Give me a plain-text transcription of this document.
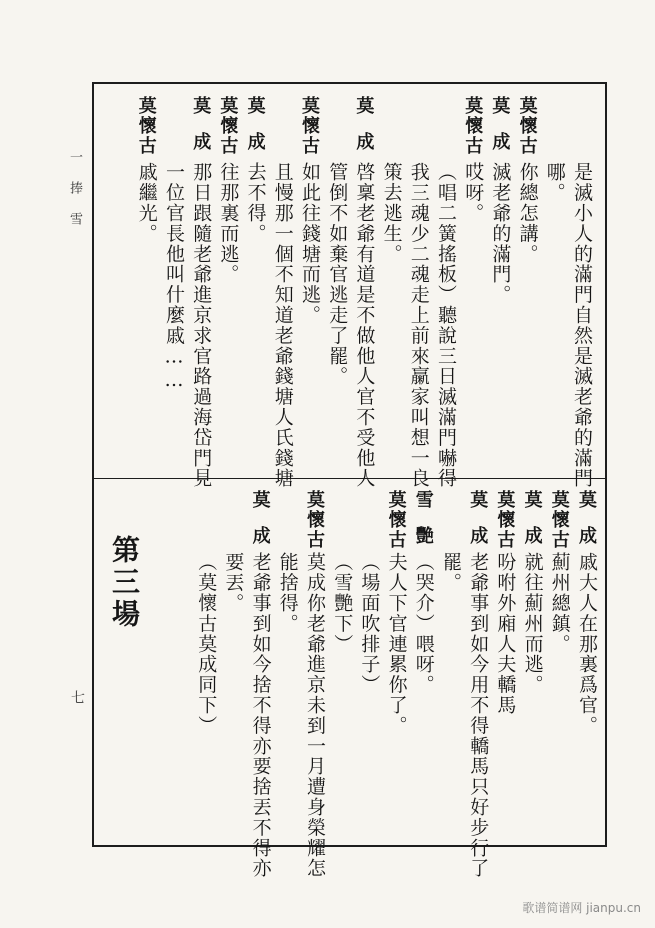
一捧雪
七
第三場
是滅小人的滿門自然是滅老爺的滿門
哪。
莫懷古
你總怎講。
莫成
滅老爺的滿門。
莫懷古
哎呀。
（唱二簧搖板）聽說三日滅滿門嚇得
我三魂少二魂走上前來䊨家叫想一良
策去逃生。
莫成
啓稟老爺有道是不做他人官不受他人
管倒不如棄官逃走了罷。
莫懷古
如此往錢塘而逃。
且慢那一個不知道老爺錢塘人氏錢塘
莫成
去不得。
莫懷古
往那裏而逃。
莫成
那日跟隨老爺進京求官路過海岱門見
一位官長他叫什麼戚……
莫懷古
戚繼光。
莫成
戚大人在那裏爲官。
莫懷古
薊州總鎮。
莫成
就往薊州而逃。
莫懷古
吩咐外廂人夫轎馬
莫成
老爺事到如今用不得轎馬只好步行了
罷。
雪艷
（哭介）喂呀。
莫懷古
夫人下官連累你了。
（場面吹排子）
（雪艷下）
莫懷古
莫成你老爺進京未到一月遭身榮耀怎
能捨得。
莫成
老爺事到如今捨不得亦要捨丟不得亦
要丟。
（莫懷古莫成同下）
歌谱简谱网 jianpu.cn
